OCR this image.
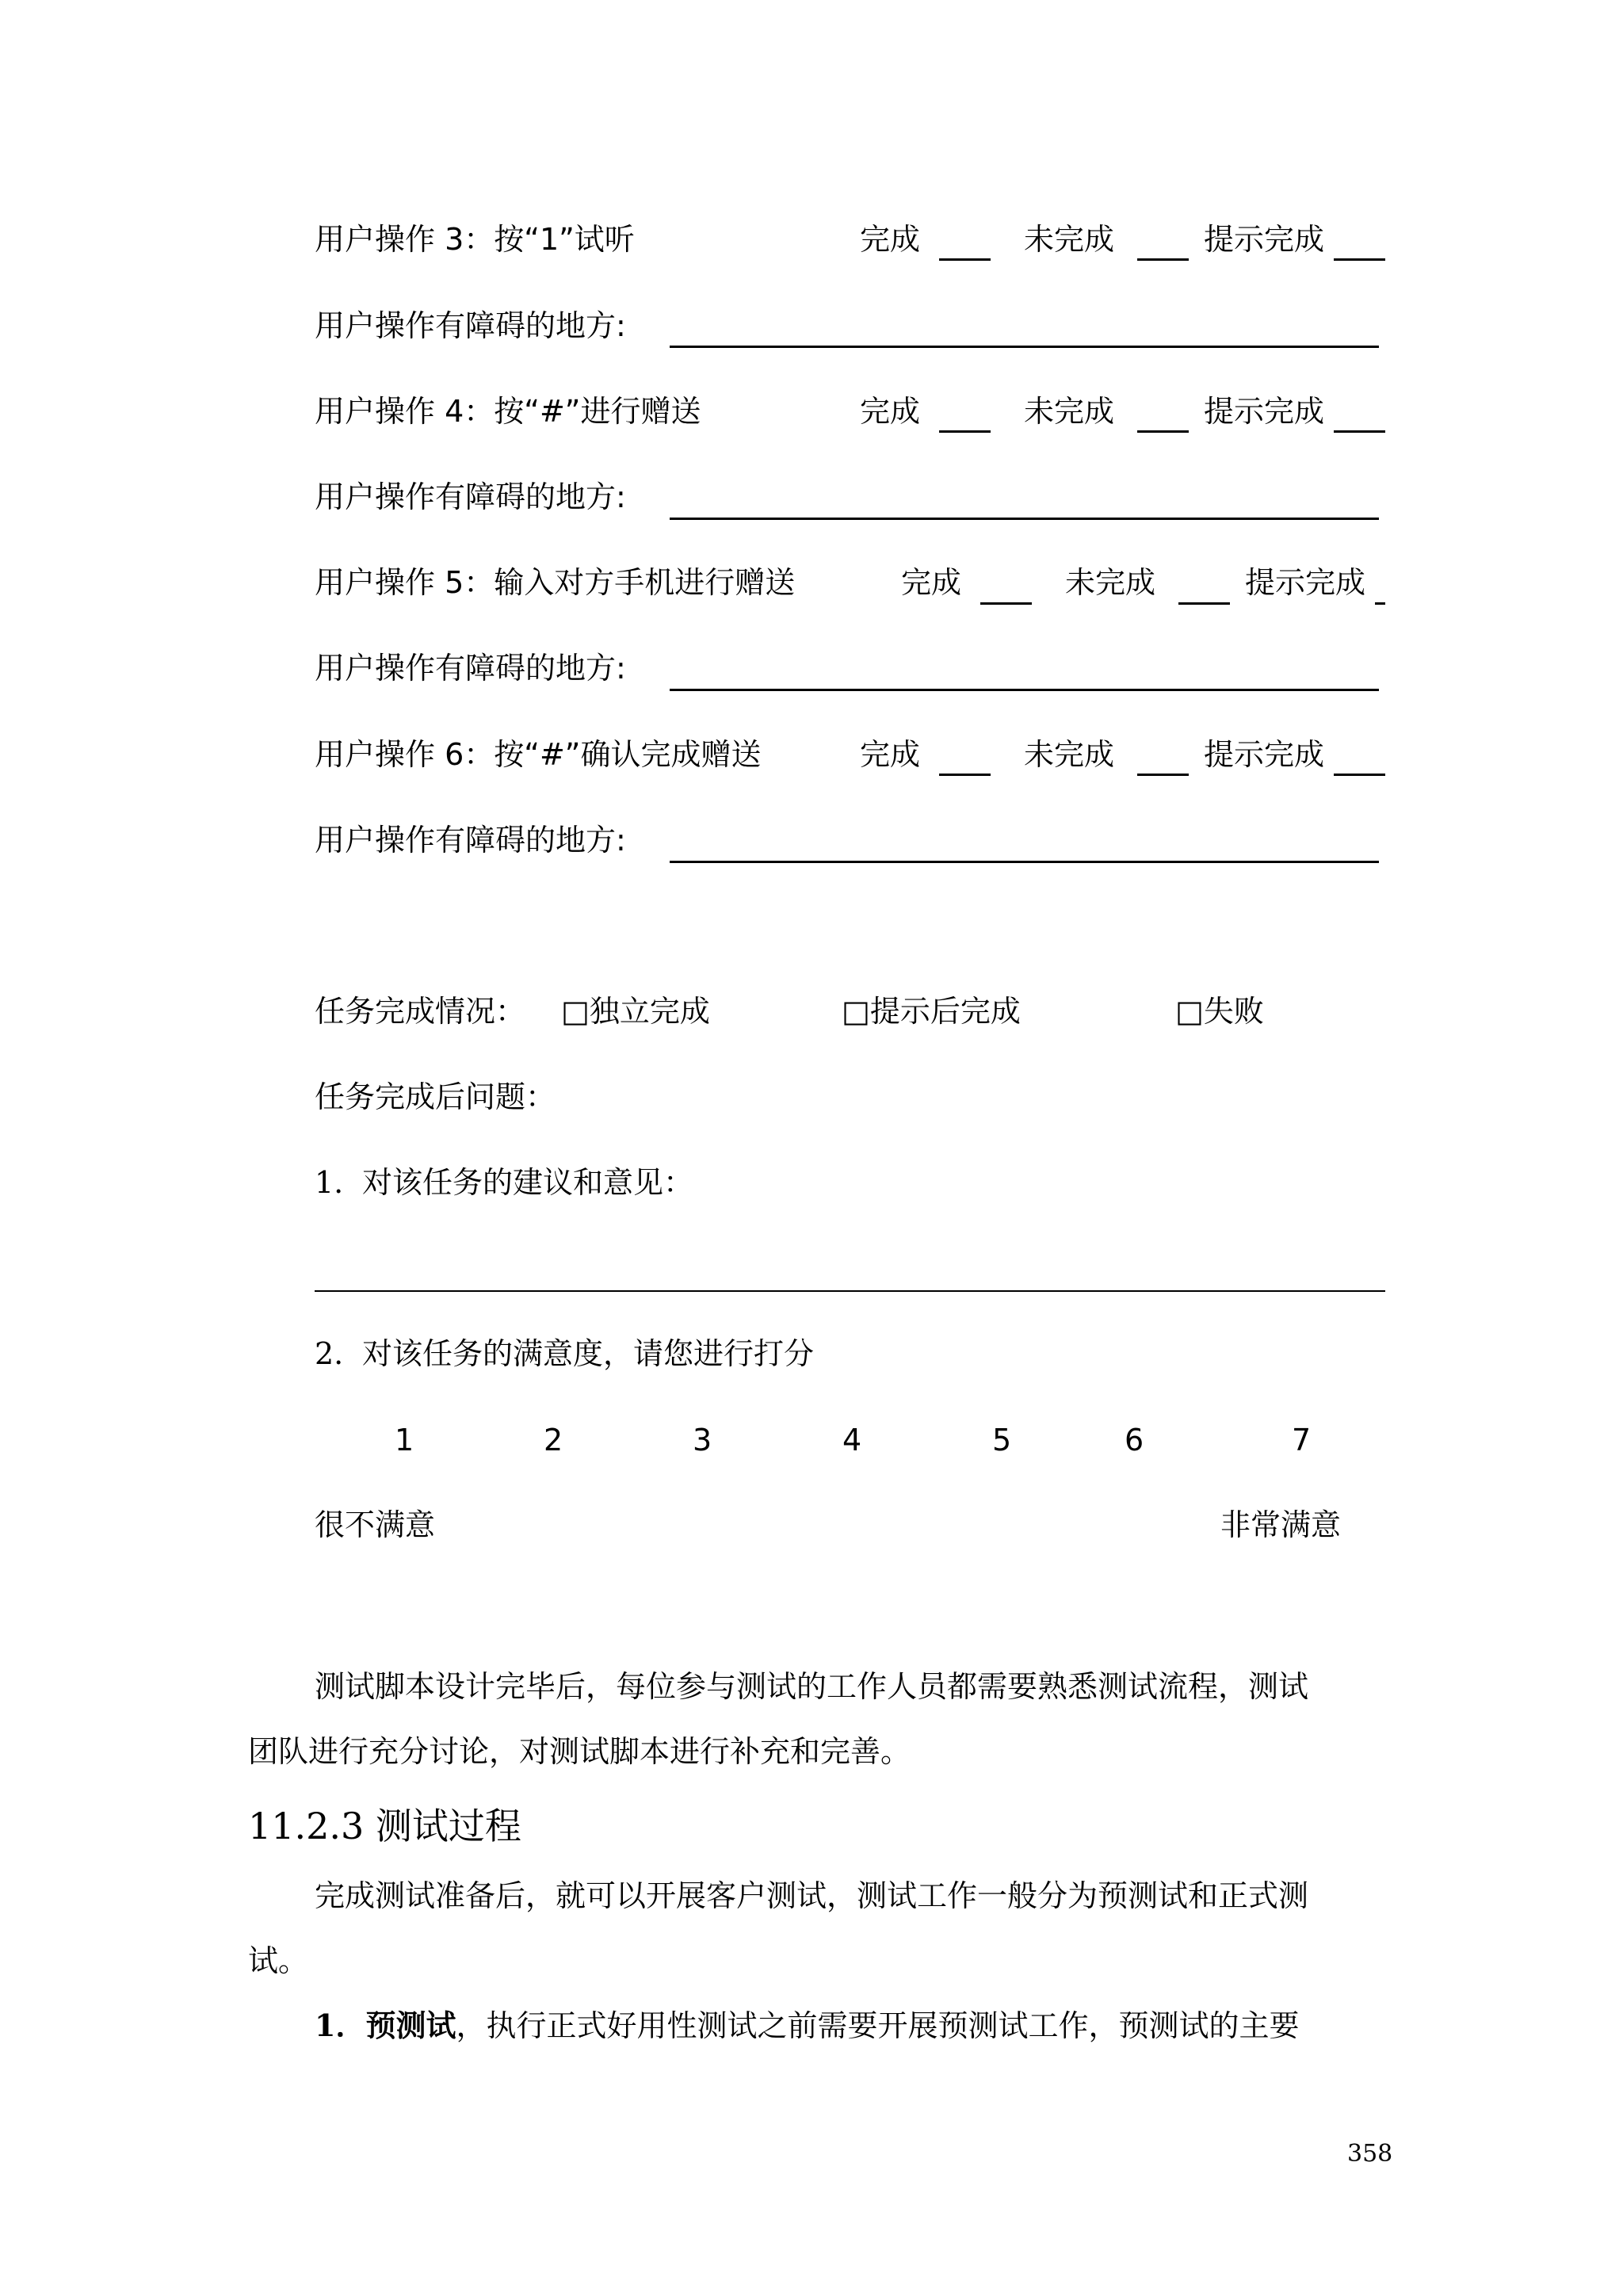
用户操作 3：按“1”试听	完成	未完成	提示完成
用户操作有障碍的地方:
用户操作 4：按“#”进行赠送	完成	未完成	提示完成
用户操作有障碍的地方:
用户操作 5：输入对方手机进行赠送	完成	未完成	提示完成
用户操作有障碍的地方:
用户操作 6：按“#”确认完成赠送	完成	未完成	提示完成
用户操作有障碍的地方:
任务完成情况： □独立完成	□提示后完成	□失败
任务完成后问题：
1. 对该任务的建议和意见：
2. 对该任务的满意度，请您进行打分
1	2	3	4	5	6	7
很不满意	非常满意
测试脚本设计完毕后，每位参与测试的工作人员都需要熟悉测试流程，测试
团队进行充分讨论，对测试脚本进行补充和完善。
11.2.3 测试过程
完成测试准备后，就可以开展客户测试，测试工作一般分为预测试和正式测
试。
1．预测试，执行正式好用性测试之前需要开展预测试工作，预测试的主要
358
